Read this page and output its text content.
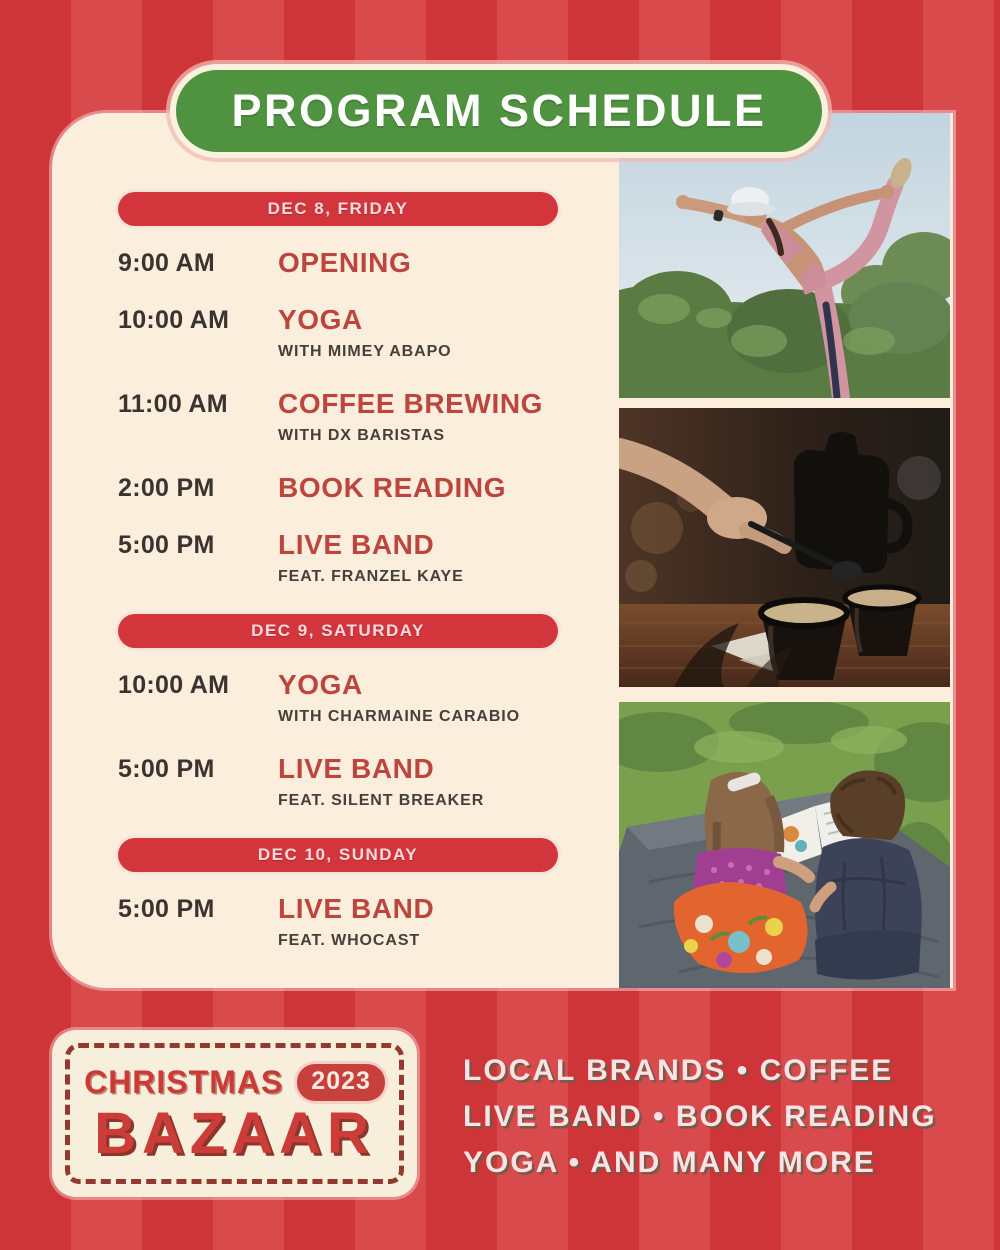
DEC 8, FRIDAY
9:00 AM	OPENING
10:00 AM	YOGA
WITH MIMEY ABAPO
11:00 AM	COFFEE BREWING
WITH DX BARISTAS
2:00 PM	BOOK READING
5:00 PM	LIVE BAND
FEAT. FRANZEL KAYE
DEC 9, SATURDAY
10:00 AM	YOGA
WITH CHARMAINE CARABIO
5:00 PM	LIVE BAND
FEAT. SILENT BREAKER
DEC 10, SUNDAY
5:00 PM	LIVE BAND
FEAT. WHOCAST
PROGRAM SCHEDULE
CHRISTMAS	2023
BAZAAR
LOCAL BRANDS • COFFEE
LIVE BAND • BOOK READING
YOGA • AND MANY MORE
